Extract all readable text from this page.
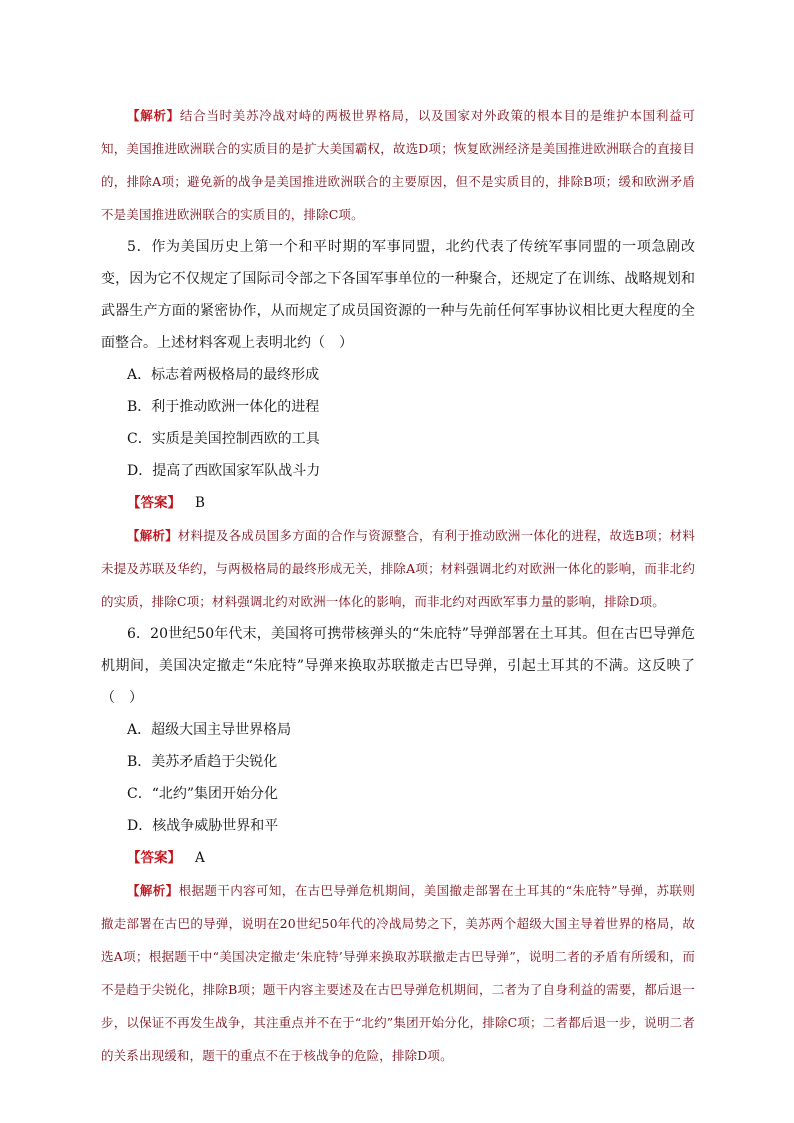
【解析】结合当时美苏冷战对峙的两极世界格局，以及国家对外政策的根本目的是维护本国利益可知，美国推进欧洲联合的实质目的是扩大美国霸权，故选D项；恢复欧洲经济是美国推进欧洲联合的直接目的，排除A项；避免新的战争是美国推进欧洲联合的主要原因，但不是实质目的，排除B项；缓和欧洲矛盾不是美国推进欧洲联合的实质目的，排除C项。

5．作为美国历史上第一个和平时期的军事同盟，北约代表了传统军事同盟的一项急剧改变，因为它不仅规定了国际司令部之下各国军事单位的一种聚合，还规定了在训练、战略规划和武器生产方面的紧密协作，从而规定了成员国资源的一种与先前任何军事协议相比更大程度的全面整合。上述材料客观上表明北约（　）

A．标志着两极格局的最终形成

B．利于推动欧洲一体化的进程

C．实质是美国控制西欧的工具

D．提高了西欧国家军队战斗力

【答案】 B

【解析】材料提及各成员国多方面的合作与资源整合，有利于推动欧洲一体化的进程，故选B项；材料未提及苏联及华约，与两极格局的最终形成无关，排除A项；材料强调北约对欧洲一体化的影响，而非北约的实质，排除C项；材料强调北约对欧洲一体化的影响，而非北约对西欧军事力量的影响，排除D项。

6．20世纪50年代末，美国将可携带核弹头的“朱庇特”导弹部署在土耳其。但在古巴导弹危机期间，美国决定撤走“朱庇特”导弹来换取苏联撤走古巴导弹，引起土耳其的不满。这反映了（　）

A．超级大国主导世界格局

B．美苏矛盾趋于尖锐化

C．“北约”集团开始分化

D．核战争威胁世界和平

【答案】 A

【解析】根据题干内容可知，在古巴导弹危机期间，美国撤走部署在土耳其的“朱庇特”导弹，苏联则撤走部署在古巴的导弹，说明在20世纪50年代的冷战局势之下，美苏两个超级大国主导着世界的格局，故选A项；根据题干中“美国决定撤走‘朱庇特’导弹来换取苏联撤走古巴导弹”，说明二者的矛盾有所缓和，而不是趋于尖锐化，排除B项；题干内容主要述及在古巴导弹危机期间，二者为了自身利益的需要，都后退一步，以保证不再发生战争，其注重点并不在于“北约”集团开始分化，排除C项；二者都后退一步，说明二者的关系出现缓和，题干的重点不在于核战争的危险，排除D项。
